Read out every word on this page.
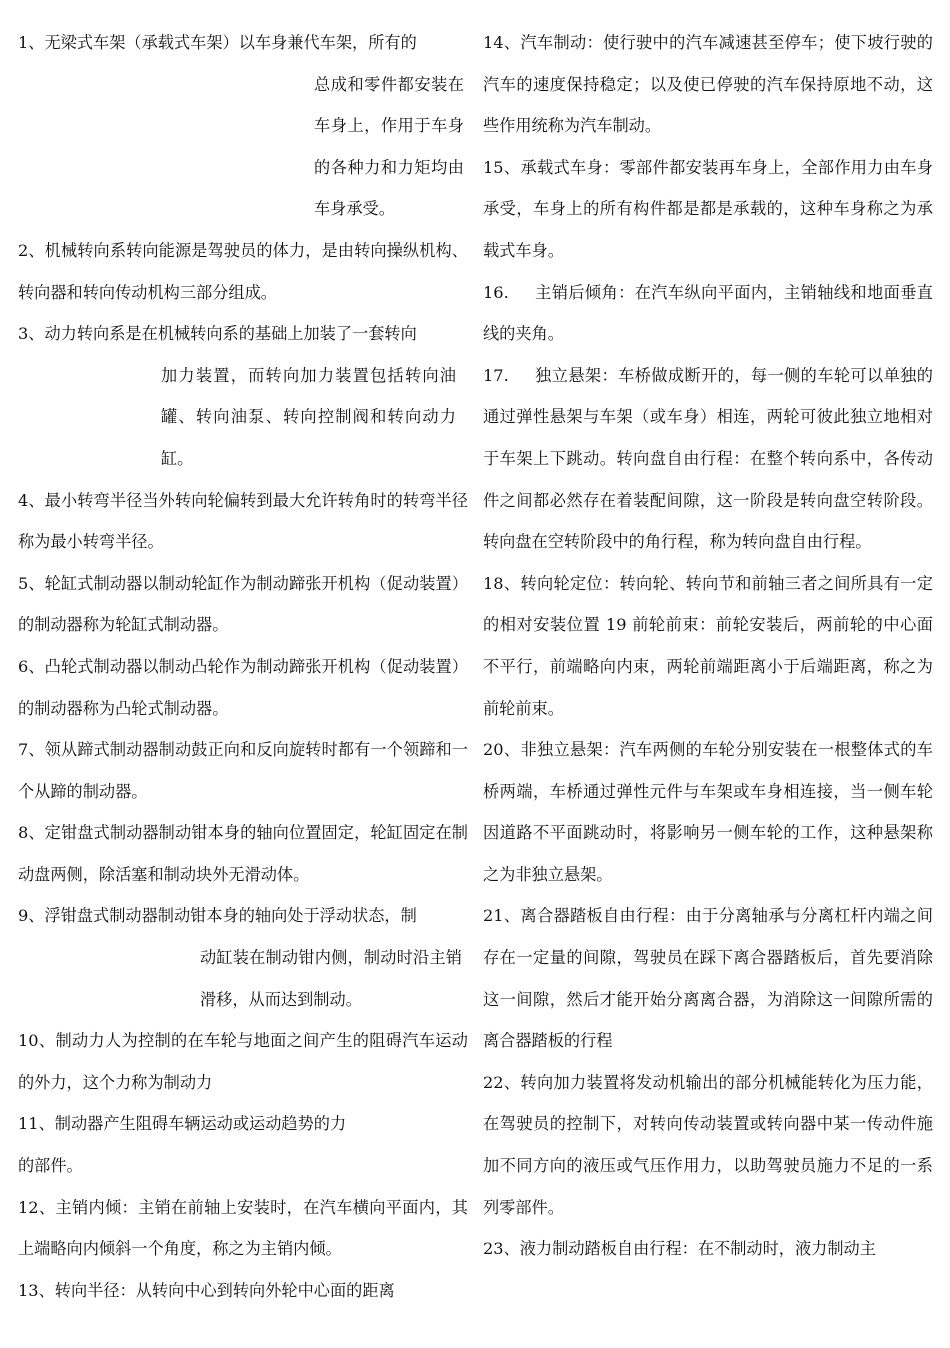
1、无梁式车架（承载式车架）以车身兼代车架，所有的

总成和零件都安装在车身上，作用于车身的各种力和力矩均由车身承受。

2、机械转向系转向能源是驾驶员的体力，是由转向操纵机构、转向器和转向传动机构三部分组成。

3、动力转向系是在机械转向系的基础上加装了一套转向

加力装置，而转向加力装置包括转向油罐、转向油泵、转向控制阀和转向动力缸。

4、最小转弯半径当外转向轮偏转到最大允许转角时的转弯半径称为最小转弯半径。

5、轮缸式制动器以制动轮缸作为制动蹄张开机构（促动装置）的制动器称为轮缸式制动器。

6、凸轮式制动器以制动凸轮作为制动蹄张开机构（促动装置）的制动器称为凸轮式制动器。

7、领从蹄式制动器制动鼓正向和反向旋转时都有一个领蹄和一个从蹄的制动器。

8、定钳盘式制动器制动钳本身的轴向位置固定，轮缸固定在制动盘两侧，除活塞和制动块外无滑动体。

9、浮钳盘式制动器制动钳本身的轴向处于浮动状态，制

动缸装在制动钳内侧，制动时沿主销滑移，从而达到制动。

10、制动力人为控制的在车轮与地面之间产生的阻碍汽车运动的外力，这个力称为制动力

11、制动器产生阻碍车辆运动或运动趋势的力

的部件。

12、主销内倾：主销在前轴上安装时，在汽车横向平面内，其上端略向内倾斜一个角度，称之为主销内倾。

13、转向半径：从转向中心到转向外轮中心面的距离

14、汽车制动：使行驶中的汽车减速甚至停车；使下坡行驶的汽车的速度保持稳定；以及使已停驶的汽车保持原地不动，这些作用统称为汽车制动。

15、承载式车身：零部件都安装再车身上，全部作用力由车身承受，车身上的所有构件都是都是承载的，这种车身称之为承载式车身。

16. 主销后倾角：在汽车纵向平面内，主销轴线和地面垂直线的夹角。

17. 独立悬架：车桥做成断开的，每一侧的车轮可以单独的通过弹性悬架与车架（或车身）相连，两轮可彼此独立地相对于车架上下跳动。转向盘自由行程：在整个转向系中，各传动件之间都必然存在着装配间隙，这一阶段是转向盘空转阶段。转向盘在空转阶段中的角行程，称为转向盘自由行程。

18、转向轮定位：转向轮、转向节和前轴三者之间所具有一定的相对安装位置 19 前轮前束：前轮安装后，两前轮的中心面不平行，前端略向内束，两轮前端距离小于后端距离，称之为前轮前束。

20、非独立悬架：汽车两侧的车轮分别安装在一根整体式的车桥两端，车桥通过弹性元件与车架或车身相连接，当一侧车轮因道路不平面跳动时，将影响另一侧车轮的工作，这种悬架称之为非独立悬架。

21、离合器踏板自由行程：由于分离轴承与分离杠杆内端之间存在一定量的间隙，驾驶员在踩下离合器踏板后，首先要消除这一间隙，然后才能开始分离离合器，为消除这一间隙所需的离合器踏板的行程

22、转向加力装置将发动机输出的部分机械能转化为压力能，在驾驶员的控制下，对转向传动装置或转向器中某一传动件施加不同方向的液压或气压作用力，以助驾驶员施力不足的一系列零部件。

23、液力制动踏板自由行程：在不制动时，液力制动主
